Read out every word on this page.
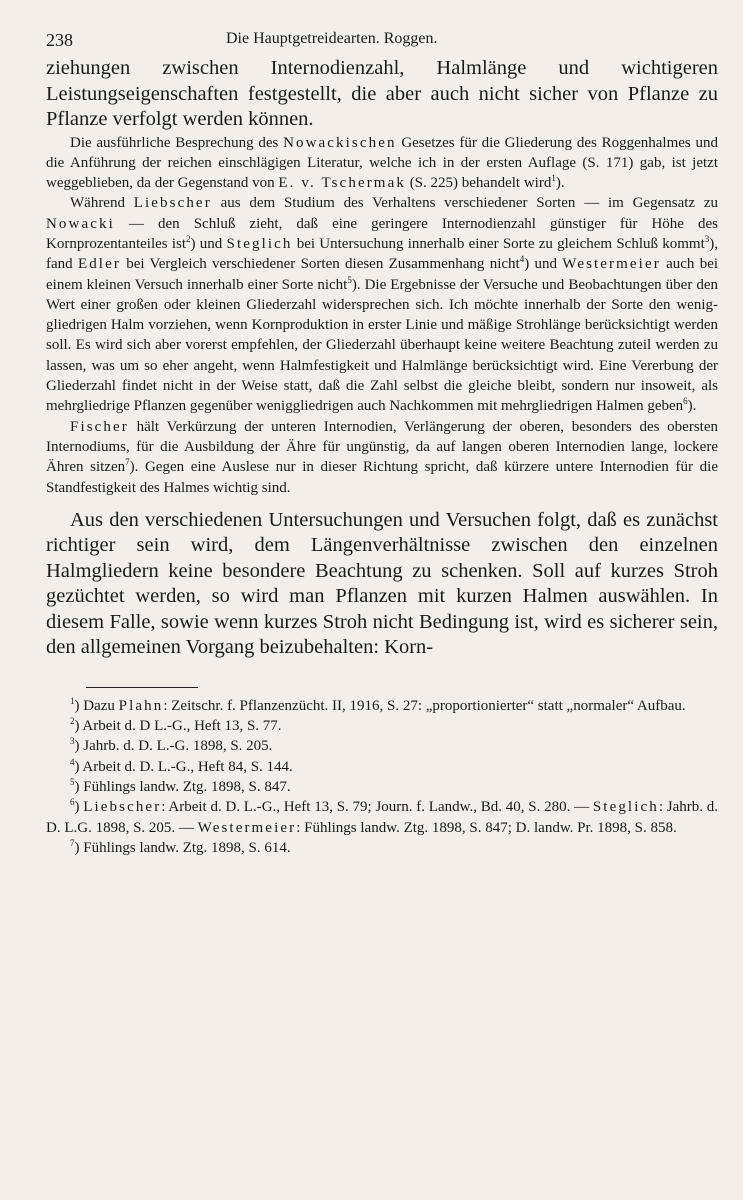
238	Die Hauptgetreidearten. Roggen.

ziehungen zwischen Internodienzahl, Halmlänge und wichtigeren Leistungseigenschaften festgestellt, die aber auch nicht sicher von Pflanze zu Pflanze verfolgt werden können.

Die ausführliche Besprechung des Nowackischen Gesetzes für die Gliederung des Roggenhalmes und die Anführung der reichen einschlägigen Literatur, welche ich in der ersten Auflage (S. 171) gab, ist jetzt weggeblieben, da der Gegenstand von E. v. Tschermak (S. 225) behandelt wird$^1$).

Während Liebscher aus dem Studium des Verhaltens verschiedener Sorten — im Gegensatz zu Nowacki — den Schluß zieht, daß eine geringere Internodienzahl günstiger für Höhe des Kornprozentanteiles ist$^2$) und Steglich bei Untersuchung innerhalb einer Sorte zu gleichem Schluß kommt$^3$), fand Edler bei Vergleich verschiedener Sorten diesen Zusammenhang nicht$^4$) und Westermeier auch bei einem kleinen Versuch innerhalb einer Sorte nicht$^5$). Die Ergebnisse der Versuche und Beobachtungen über den Wert einer großen oder kleinen Gliederzahl widersprechen sich. Ich möchte innerhalb der Sorte den weniggliedrigen Halm vorziehen, wenn Kornproduktion in erster Linie und mäßige Strohlänge berücksichtigt werden soll. Es wird sich aber vorerst empfehlen, der Gliederzahl überhaupt keine weitere Beachtung zuteil werden zu lassen, was um so eher angeht, wenn Halmfestigkeit und Halmlänge berücksichtigt wird. Eine Vererbung der Gliederzahl findet nicht in der Weise statt, daß die Zahl selbst die gleiche bleibt, sondern nur insoweit, als mehrgliedrige Pflanzen gegenüber weniggliedrigen auch Nachkommen mit mehrgliedrigen Halmen geben$^6$).

Fischer hält Verkürzung der unteren Internodien, Verlängerung der oberen, besonders des obersten Internodiums, für die Ausbildung der Ähre für ungünstig, da auf langen oberen Internodien lange, lockere Ähren sitzen$^7$). Gegen eine Auslese nur in dieser Richtung spricht, daß kürzere untere Internodien für die Standfestigkeit des Halmes wichtig sind.

Aus den verschiedenen Untersuchungen und Versuchen folgt, daß es zunächst richtiger sein wird, dem Längenverhältnisse zwischen den einzelnen Halmgliedern keine besondere Beachtung zu schenken. Soll auf kurzes Stroh gezüchtet werden, so wird man Pflanzen mit kurzen Halmen auswählen. In diesem Falle, sowie wenn kurzes Stroh nicht Bedingung ist, wird es sicherer sein, den allgemeinen Vorgang beizubehalten: Korn-

$^1$) Dazu Plahn: Zeitschr. f. Pflanzenzücht. II, 1916, S. 27: „proportionierter“ statt „normaler“ Aufbau.

$^2$) Arbeit d. D L.-G., Heft 13, S. 77.

$^3$) Jahrb. d. D. L.-G. 1898, S. 205.

$^4$) Arbeit d. D. L.-G., Heft 84, S. 144.

$^5$) Fühlings landw. Ztg. 1898, S. 847.

$^6$) Liebscher: Arbeit d. D. L.-G., Heft 13, S. 79; Journ. f. Landw., Bd. 40, S. 280. — Steglich: Jahrb. d. D. L.G. 1898, S. 205. — Westermeier: Fühlings landw. Ztg. 1898, S. 847; D. landw. Pr. 1898, S. 858.

$^7$) Fühlings landw. Ztg. 1898, S. 614.
